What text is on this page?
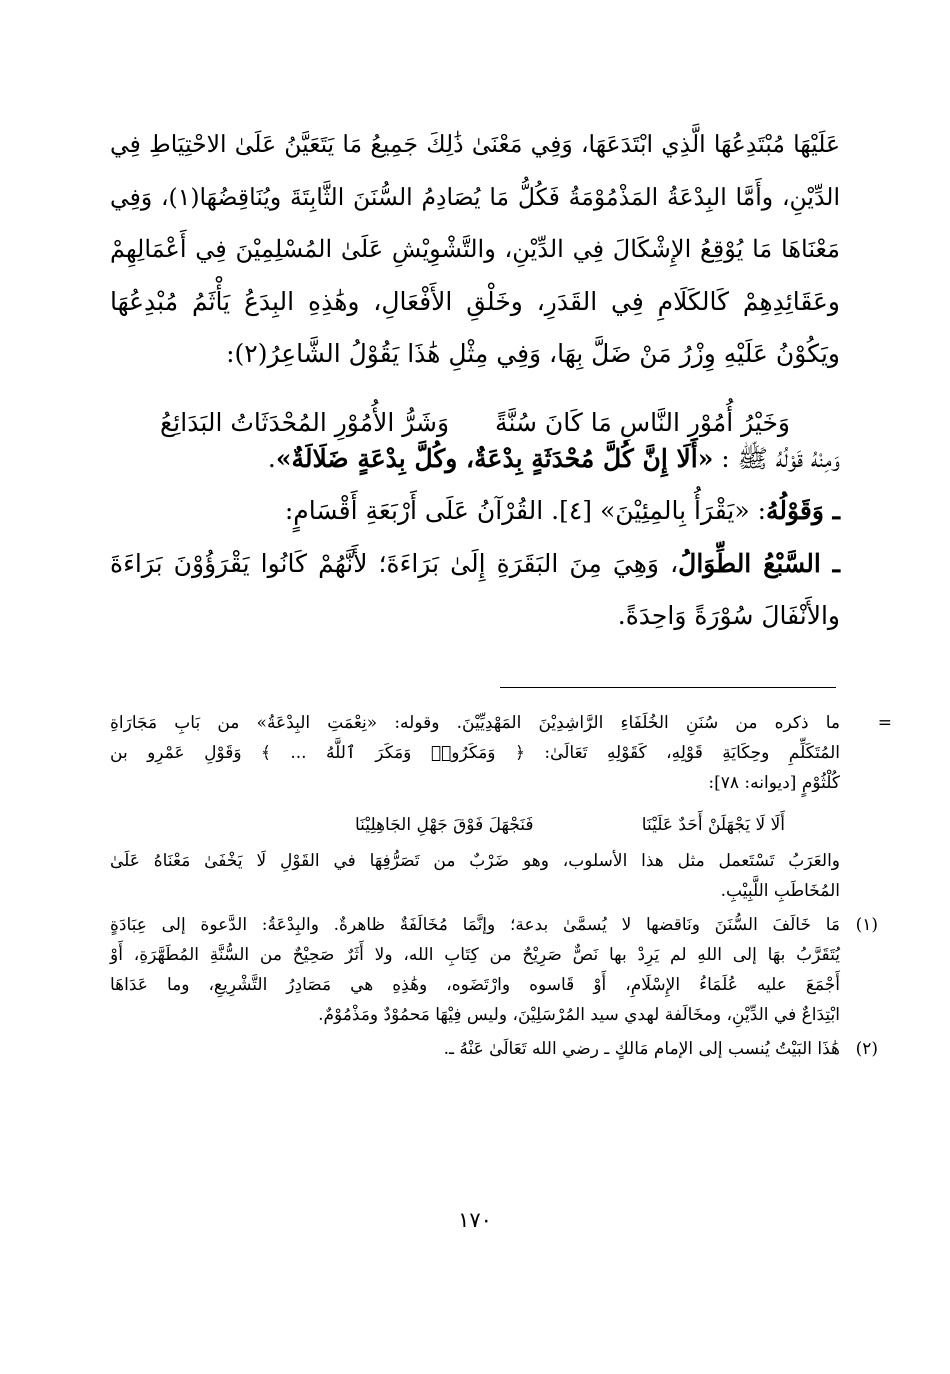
عَلَيْهَا مُبْتَدِعُهَا الَّذِي ابْتَدَعَهَا، وَفِي مَعْنَىٰ ذَٰلِكَ جَمِيعُ مَا يَتَعَيَّنُ عَلَىٰ الاحْتِيَاطِ فِي
الدِّيْنِ، وأَمَّا البِدْعَةُ المَذْمُوْمَةُ فَكُلُّ مَا يُصَادِمُ السُّنَنَ الثَّابِتَةَ ويُنَاقِضُهَا(١)، وَفِي
مَعْنَاهَا مَا يُوْقِعُ الإِشْكَالَ فِي الدِّيْنِ، والتَّشْوِيْشِ عَلَىٰ المُسْلِمِيْنَ فِي أَعْمَالِهِمْ
وعَقَائِدِهِمْ كَالكَلَامِ فِي القَدَرِ، وخَلْقِ الأَفْعَالِ، وهَٰذِهِ البِدَعُ يَأْثَمُ مُبْدِعُهَا
ويَكُوْنُ عَلَيْهِ وِزْرُ مَنْ ضَلَّ بِهَا، وَفِي مِثْلِ هَٰذَا يَقُوْلُ الشَّاعِرُ(٢):
وَمِنْهُ قَوْلُهُ ﷺ : «أَلَا إِنَّ كُلَّ مُحْدَثَةٍ بِدْعَةٌ، وكُلَّ بِدْعَةٍ ضَلَالَةٌ».
ـ وَقَوْلُهُ: «يَقْرَأُ بِالمِئِيْنَ» [٤]. القُرْآنُ عَلَى أَرْبَعَةِ أَقْسَامٍ:
ـ السَّبْعُ الطِّوَالُ، وَهِيَ مِنَ البَقَرَةِ إِلَىٰ بَرَاءَةَ؛ لأَنَّهُمْ كَانُوا يَقْرَؤُوْنَ بَرَاءَةَ
والأَنْفَالَ سُوْرَةً وَاحِدَةً.
وَخَيْرُ أُمُوْرِ النَّاسِ مَا كَانَ سُنَّةً
وَشَرُّ الأُمُوْرِ المُحْدَثَاتُ البَدَائِعُ
=
ما ذكره من سُنَنِ الخُلَفَاءِ الرَّاشِدِيْنَ المَهْدِيِّيْنَ. وقوله: «نِعْمَتِ البِدْعَةُ» من بَابِ مَجَارَاةِ
المُتَكَلِّمِ وحِكَايَةِ قَوْلِهِ، كَقَوْلِهِ تَعَالَىٰ: ﴿ وَمَكَرُوا۟ وَمَكَرَ ٱللَّهُ ... ﴾ وَقَوْلِ عَمْرِو بن
كُلْثُوْمٍ [ديوانه: ٧٨]:
أَلَا لَا يَجْهَلَنْ أَحَدٌ عَلَيْنَا
فَنَجْهَلَ فَوْقَ جَهْلِ الجَاهِلِيْنَا
والعَرَبُ تَسْتَعمل مثل هذا الأسلوب، وهو ضَرْبٌ من تَصَرُّفِهَا في القَوْلِ لَا يَخْفَىٰ مَعْنَاهُ عَلَىٰ
المُخَاطَبِ اللَّبِيْبِ.
(١)
مَا خَالَفَ السُّنَنَ ونَاقضها لا يُسمَّىٰ بدعة؛ وإنَّمَا مُخَالَفَةٌ ظاهرةٌ. والبِدْعَةُ: الدَّعوة إلى عِبَادَةٍ
يُتَقَرَّبُ بهَا إلى اللهِ لم يَرِدْ بها نَصٌّ صَرِيْحٌ من كِتَابِ الله، ولا أَثَرٌ صَحِيْحٌ من السُّنَّةِ المُطَهَّرَةِ، أَوْ
أَجْمَعَ عليه عُلَمَاءُ الإِسْلَامِ، أَوْ قَاسوه وارْتَضَوه، وهَٰذِهِ هي مَصَادِرُ التَّشْرِيعِ، وما عَدَاهَا
ابْتِدَاعٌ في الدِّيْنِ، ومخَالَفة لهدي سيد المُرْسَلِيْنَ، وليس فِيْهَا مَحمُوْدٌ ومَذْمُوْمٌ.
(٢)
هَٰذَا البَيْتُ يُنسب إلى الإمام مَالكٍ ـ رضي الله تَعَالَىٰ عَنْهُ ـ.
١٧٠
